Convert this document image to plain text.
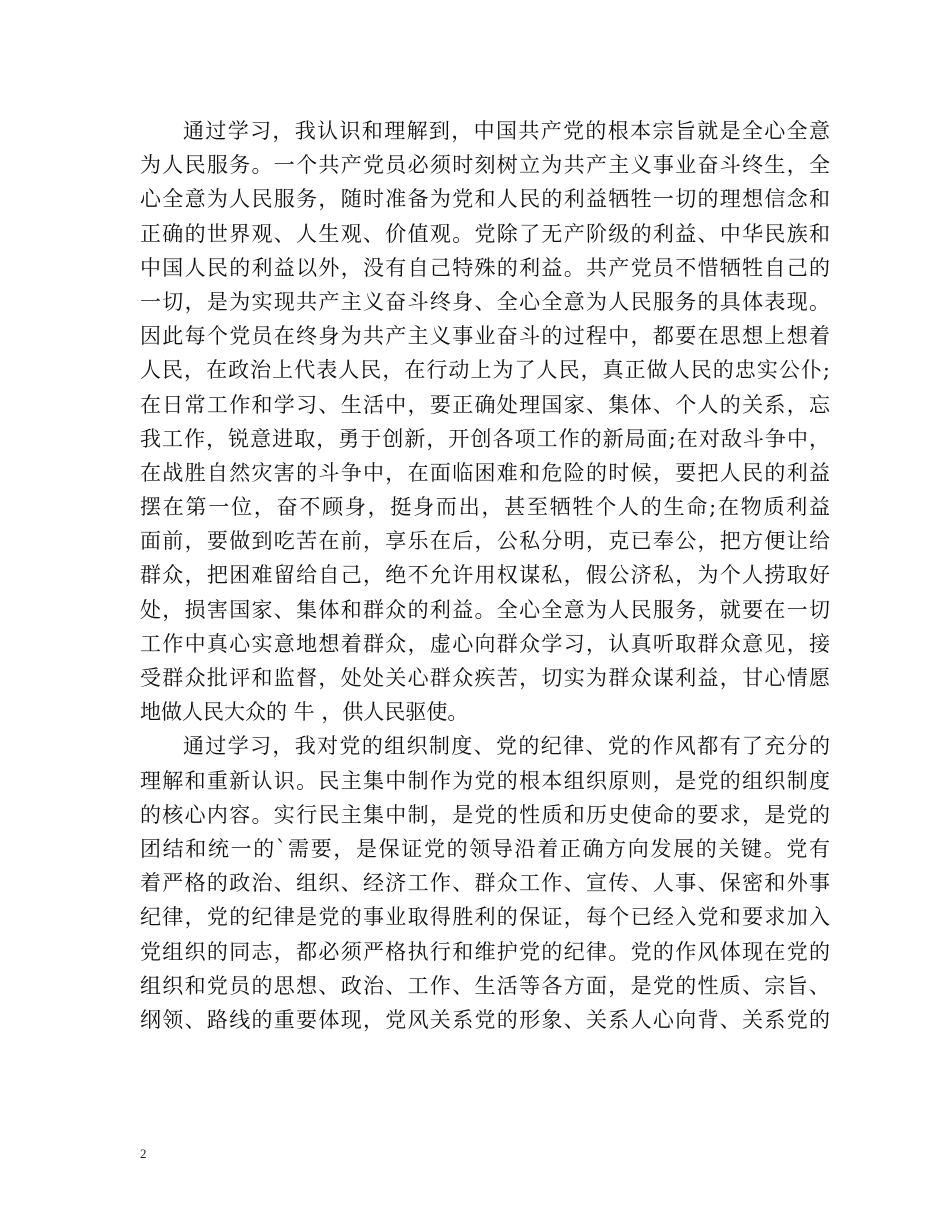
通过学习，我认识和理解到，中国共产党的根本宗旨就是全心全意
为人民服务。一个共产党员必须时刻树立为共产主义事业奋斗终生，全
心全意为人民服务，随时准备为党和人民的利益牺牲一切的理想信念和
正确的世界观、人生观、价值观。党除了无产阶级的利益、中华民族和
中国人民的利益以外，没有自己特殊的利益。共产党员不惜牺牲自己的
一切，是为实现共产主义奋斗终身、全心全意为人民服务的具体表现。
因此每个党员在终身为共产主义事业奋斗的过程中，都要在思想上想着
人民，在政治上代表人民，在行动上为了人民，真正做人民的忠实公仆;
在日常工作和学习、生活中，要正确处理国家、集体、个人的关系，忘
我工作，锐意进取，勇于创新，开创各项工作的新局面;在对敌斗争中，
在战胜自然灾害的斗争中，在面临困难和危险的时候，要把人民的利益
摆在第一位，奋不顾身，挺身而出，甚至牺牲个人的生命;在物质利益
面前，要做到吃苦在前，享乐在后，公私分明，克已奉公，把方便让给
群众，把困难留给自己，绝不允许用权谋私，假公济私，为个人捞取好
处，损害国家、集体和群众的利益。全心全意为人民服务，就要在一切
工作中真心实意地想着群众，虚心向群众学习，认真听取群众意见，接
受群众批评和监督，处处关心群众疾苦，切实为群众谋利益，甘心情愿
地做人民大众的 牛 ，供人民驱使。
通过学习，我对党的组织制度、党的纪律、党的作风都有了充分的
理解和重新认识。民主集中制作为党的根本组织原则，是党的组织制度
的核心内容。实行民主集中制，是党的性质和历史使命的要求，是党的
团结和统一的`需要，是保证党的领导沿着正确方向发展的关键。党有
着严格的政治、组织、经济工作、群众工作、宣传、人事、保密和外事
纪律，党的纪律是党的事业取得胜利的保证，每个已经入党和要求加入
党组织的同志，都必须严格执行和维护党的纪律。党的作风体现在党的
组织和党员的思想、政治、工作、生活等各方面，是党的性质、宗旨、
纲领、路线的重要体现，党风关系党的形象、关系人心向背、关系党的
2
